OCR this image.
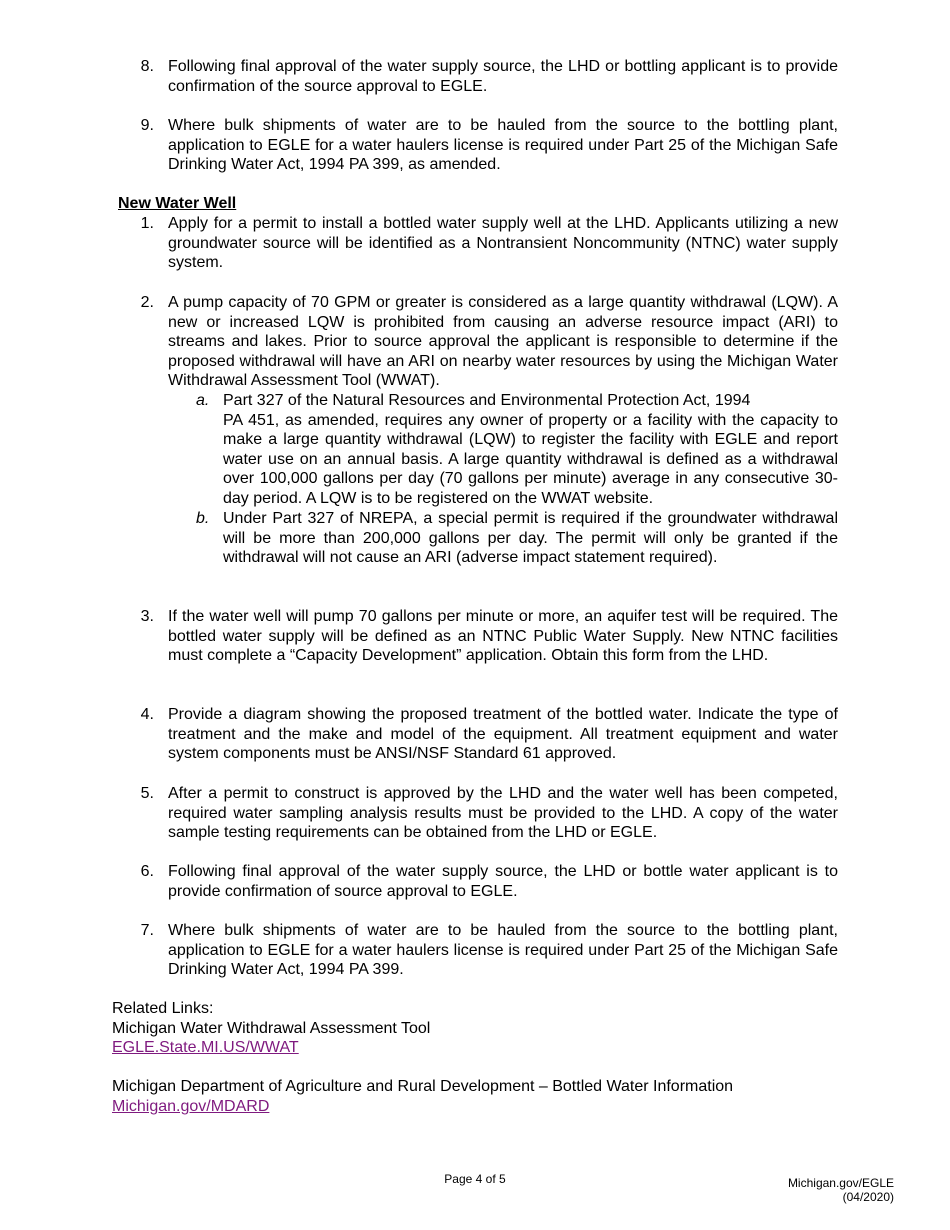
8. Following final approval of the water supply source, the LHD or bottling applicant is to provide confirmation of the source approval to EGLE.
9. Where bulk shipments of water are to be hauled from the source to the bottling plant, application to EGLE for a water haulers license is required under Part 25 of the Michigan Safe Drinking Water Act, 1994 PA 399, as amended.
New Water Well
1. Apply for a permit to install a bottled water supply well at the LHD. Applicants utilizing a new groundwater source will be identified as a Nontransient Noncommunity (NTNC) water supply system.
2. A pump capacity of 70 GPM or greater is considered as a large quantity withdrawal (LQW). A new or increased LQW is prohibited from causing an adverse resource impact (ARI) to streams and lakes. Prior to source approval the applicant is responsible to determine if the proposed withdrawal will have an ARI on nearby water resources by using the Michigan Water Withdrawal Assessment Tool (WWAT).
a. Part 327 of the Natural Resources and Environmental Protection Act, 1994
PA 451, as amended, requires any owner of property or a facility with the capacity to make a large quantity withdrawal (LQW) to register the facility with EGLE and report water use on an annual basis. A large quantity withdrawal is defined as a withdrawal over 100,000 gallons per day (70 gallons per minute) average in any consecutive 30-day period. A LQW is to be registered on the WWAT website.
b. Under Part 327 of NREPA, a special permit is required if the groundwater withdrawal will be more than 200,000 gallons per day. The permit will only be granted if the withdrawal will not cause an ARI (adverse impact statement required).
3. If the water well will pump 70 gallons per minute or more, an aquifer test will be required. The bottled water supply will be defined as an NTNC Public Water Supply. New NTNC facilities must complete a “Capacity Development” application. Obtain this form from the LHD.
4. Provide a diagram showing the proposed treatment of the bottled water. Indicate the type of treatment and the make and model of the equipment. All treatment equipment and water system components must be ANSI/NSF Standard 61 approved.
5. After a permit to construct is approved by the LHD and the water well has been competed, required water sampling analysis results must be provided to the LHD. A copy of the water sample testing requirements can be obtained from the LHD or EGLE.
6. Following final approval of the water supply source, the LHD or bottle water applicant is to provide confirmation of source approval to EGLE.
7. Where bulk shipments of water are to be hauled from the source to the bottling plant, application to EGLE for a water haulers license is required under Part 25 of the Michigan Safe Drinking Water Act, 1994 PA 399.
Related Links:
Michigan Water Withdrawal Assessment Tool
EGLE.State.MI.US/WWAT
Michigan Department of Agriculture and Rural Development – Bottled Water Information
Michigan.gov/MDARD
Page 4 of 5	Michigan.gov/EGLE
(04/2020)
